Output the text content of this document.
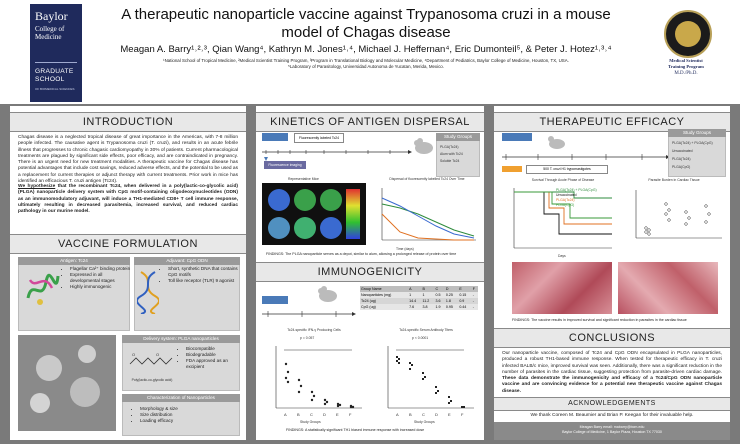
Baylor
College of
Medicine
GRADUATE
SCHOOL
OF BIOMEDICAL SCIENCES
A therapeutic nanoparticle vaccine against Trypanosoma cruzi in a mouse
model of Chagas disease
Meagan A. Barry¹˒²˒³, Qian Wang⁴, Kathryn M. Jones¹˒⁴, Michael J. Heffernan⁴, Eric Dumonteil⁵, & Peter J. Hotez¹˒³˒⁴
¹National School of Tropical Medicine, ²Medical Scientist Training Program, ³Program in Translational Biology and Molecular Medicine, ⁴Department of Pediatrics, Baylor College of Medicine, Houston, TX, USA.
⁵Laboratory of Parasitology, Universidad Autonoma de Yucatan, Merida, Mexico.
Medical Scientist
Training Program
M.D./Ph.D.
INTRODUCTION
Chagas disease is a neglected tropical disease of great importance in the Americas, with 7-8 million people infected. The causative agent is Trypanosoma cruzi (T. cruzi), and results in an acute febrile illness that progresses to chronic chagasic cardiomyopathy in 30% of patients. Current pharmacological treatments are plagued by significant side effects, poor efficacy, and are contraindicated in pregnancy. There is an urgent need for new treatment modalities. A therapeutic vaccine for Chagas disease has potential advantages that include cost savings, reduced adverse effects, and the potential to be used as a replacement for current therapies or adjunct therapy with current treatments. Prior work in mice has identified an efficacious T. cruzi antigen (Tc24).
We hypothesize that the recombinant Tc24, when delivered in a poly(lactic-co-glycolic acid) (PLGA) nanoparticle delivery system with CpG motif-containing oligodeoxynucleotides (ODN) as an immunomodulatory adjuvant, will induce a TH1-mediated CD8+ T cell immune response, ultimately resulting in decreased parasitemia, increased survival, and reduced cardiac pathology in our murine model.
VACCINE FORMULATION
Antigen: Tc24
• Flagellar Ca²⁺ binding protein
• Expressed in all developmental stages
• Highly immunogenic
Adjuvant: CpG ODN
• Short, synthetic DNA that contains CpG motifs
• Toll like receptor (TLR) 9 agonist
Delivery system: PLGA nanoparticles
O	O
Poly(lactic-co-glycolic acid)
• Biocompatible
• Biodegradable
• FDA approved as an excipient
Characterization of Nanoparticles
• Morphology & size
• Size distribution
• Loading efficacy
KINETICS OF ANTIGEN DISPERSAL
Fluorescently labeled Tc24
Fluorescence imaging
Study Groups
PLGA(Tc24)
Alum with Tc24
Soluble Tc24
Representative Mice	Dispersal of fluorescently labelled Tc24 Over Time
Time (days)
FINDINGS: The PLGA nanoparticle serves as a depot, similar to alum, allowing a prolonged release of protein over time
IMMUNOGENICITY
Group Name	A	B	C	D	E	F
Nanoparticles (mg)	1	1	0.5	0.25	0.15	-
Tc24 (ug)	14.4	11.2	3.6	1.8	0.9	-
CpG (ug)	7.6	3.8	1.9	0.95	0.44	-
Tc24-specific IFN-γ Producing Cells
p = 0.057
A	B	C	D	E	F
Study Groups
Tc24-specific Serum Antibody Titers
p < 0.0001
A	B	C	D	E	F
Study Groups
FINDINGS: A statistically significant TH1 biased immune response with increased dose
THERAPEUTIC EFFICACY
500 T. cruzi H1 trypomastigotes
Study Groups
PLGA(Tc24) + PLGA(CpG)
Unvaccinated
PLGA(Tc24)
PLGA(CpG)
Survival Through Acute Phase of Disease
Days
PLGA(Tc24) + PLGA(CpG)
Unvaccinated
PLGA(Tc24)
PLGA(CpG)
Parasite Burden in Cardiac Tissue
FINDINGS: The vaccine results in improved survival and significant reduction in parasites in the cardiac tissue
CONCLUSIONS
Our nanoparticle vaccine, composed of Tc24 and CpG ODN encapsulated in PLGA nanoparticles, produced a robust TH1-based immune response. When tested for therapeutic efficacy in T. cruzi infected BALB/c mice, improved survival was seen. Additionally, there was a significant reduction in the number of parasites in the cardiac tissue, suggesting protection from parasite-driven cardiac damage. These data demonstrate the immunogenicity and efficacy of a Tc24/CpG ODN nanoparticle vaccine and are convincing evidence for a potential new therapeutic vaccine against Chagas disease.
ACKNOWLEDGEMENTS
We thank Coreen M. Beaumier and Brian P. Keegan for their invaluable help.
Meagan Barry email: mabarry@bcm.edu
Baylor College of Medicine, 1 Baylor Plaza, Houston TX 77030
